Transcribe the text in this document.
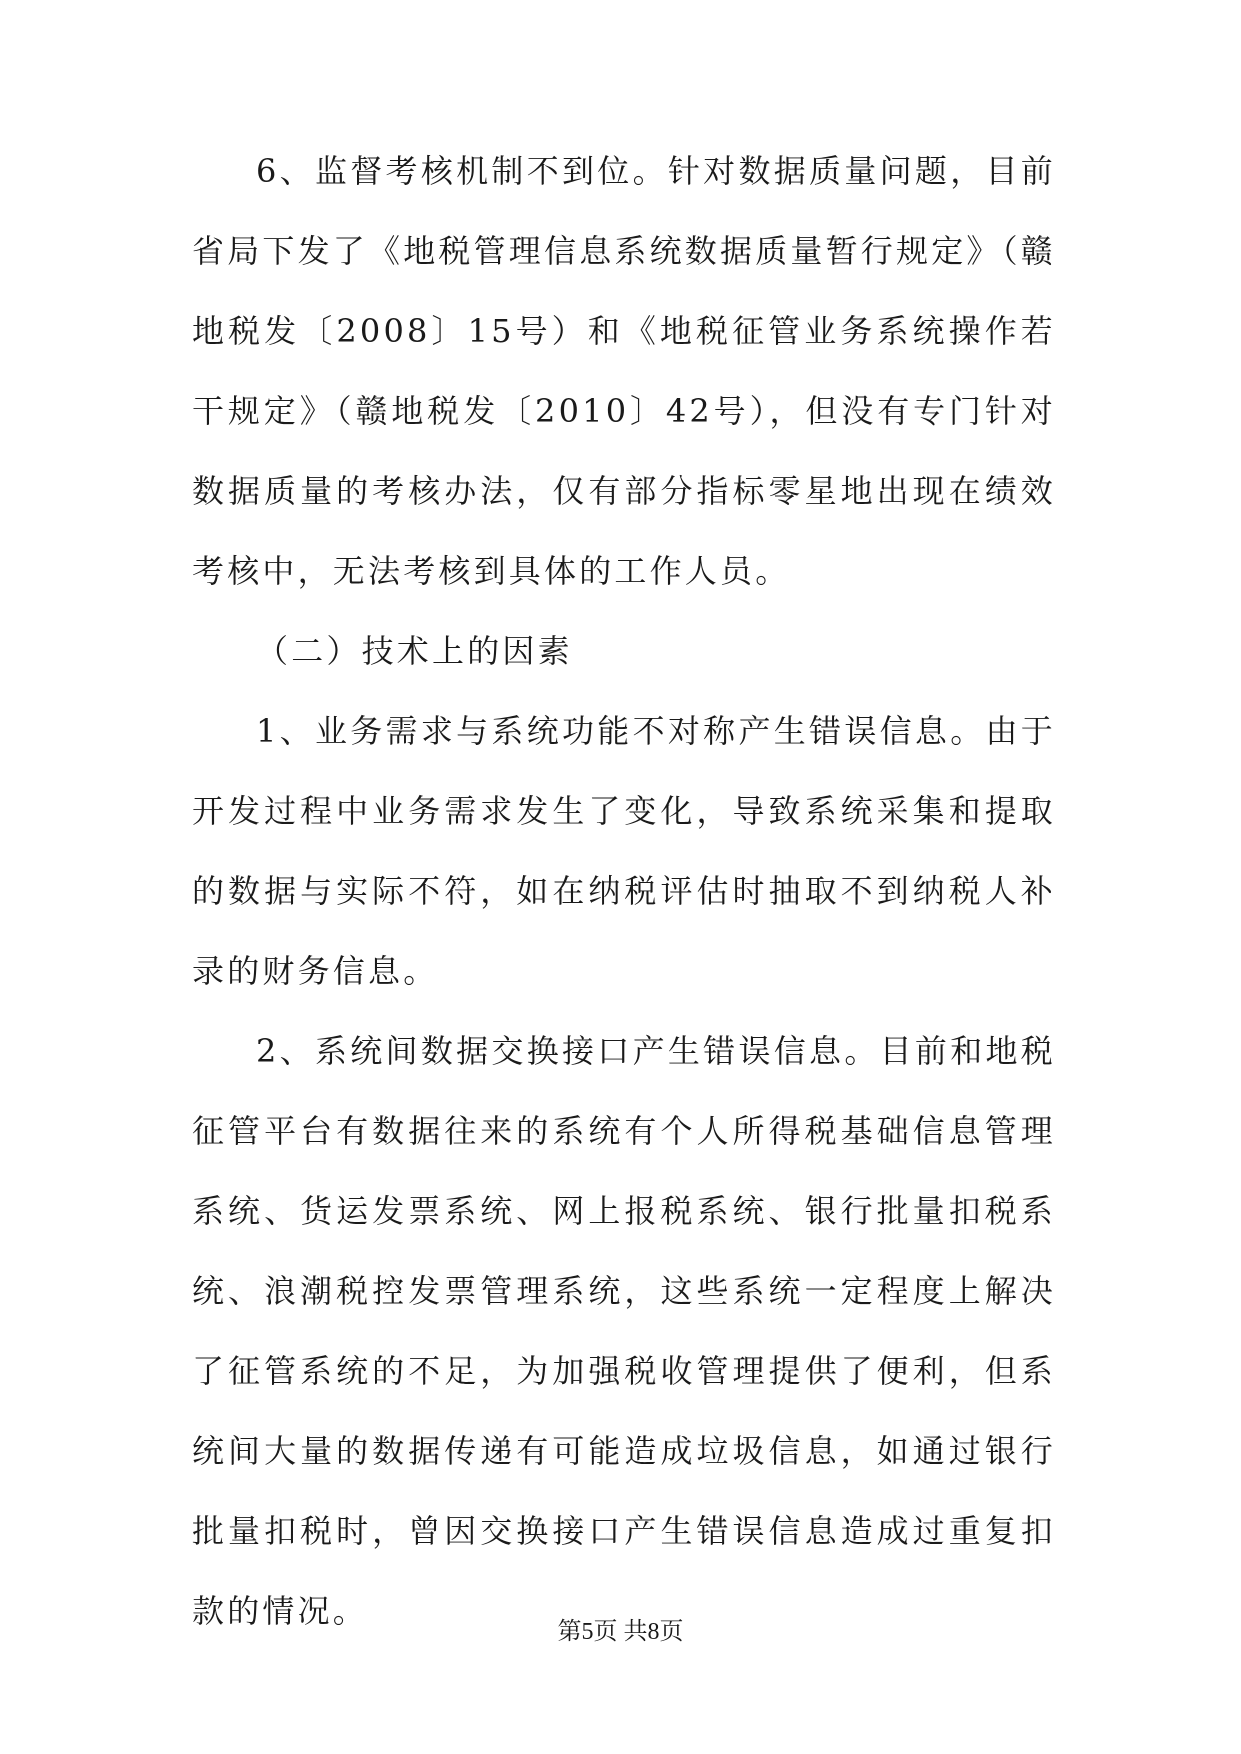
6、监督考核机制不到位。针对数据质量问题，目前省局下发了《地税管理信息系统数据质量暂行规定》（赣地税发〔2008〕15号）和《地税征管业务系统操作若干规定》（赣地税发〔2010〕42号），但没有专门针对数据质量的考核办法，仅有部分指标零星地出现在绩效考核中，无法考核到具体的工作人员。

（二）技术上的因素

1、业务需求与系统功能不对称产生错误信息。由于开发过程中业务需求发生了变化，导致系统采集和提取的数据与实际不符，如在纳税评估时抽取不到纳税人补录的财务信息。

2、系统间数据交换接口产生错误信息。目前和地税征管平台有数据往来的系统有个人所得税基础信息管理系统、货运发票系统、网上报税系统、银行批量扣税系统、浪潮税控发票管理系统，这些系统一定程度上解决了征管系统的不足，为加强税收管理提供了便利，但系统间大量的数据传递有可能造成垃圾信息，如通过银行批量扣税时，曾因交换接口产生错误信息造成过重复扣款的情况。

第5页 共8页
